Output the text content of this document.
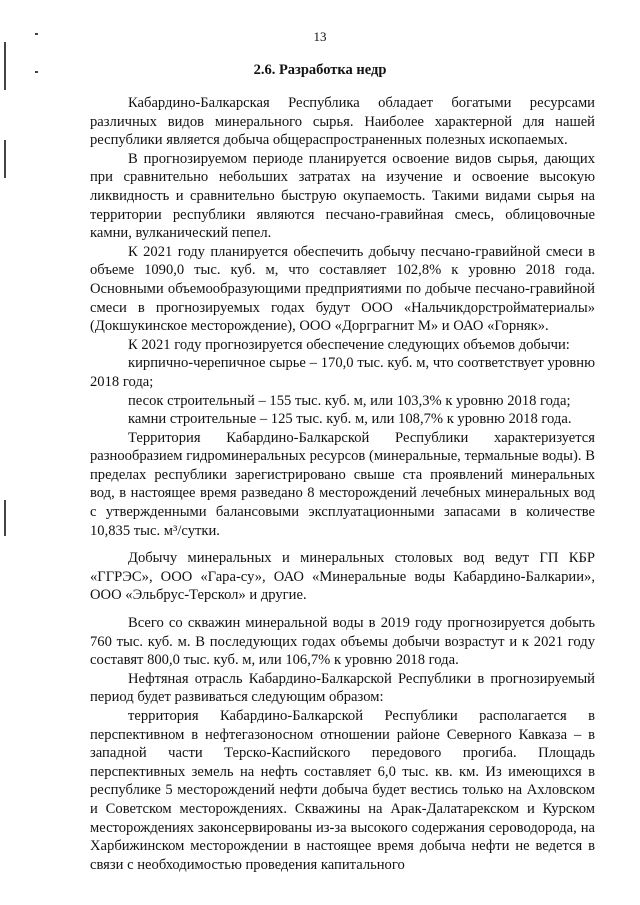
13
2.6. Разработка недр

Кабардино-Балкарская Республика обладает богатыми ресурсами различных видов минерального сырья. Наиболее характерной для нашей республики является добыча общераспространенных полезных ископаемых.

В прогнозируемом периоде планируется освоение видов сырья, дающих при сравнительно небольших затратах на изучение и освоение высокую ликвидность и сравнительно быструю окупаемость. Такими видами сырья на территории республики являются песчано-гравийная смесь, облицовочные камни, вулканический пепел.

К 2021 году планируется обеспечить добычу песчано-гравийной смеси в объеме 1090,0 тыс. куб. м, что составляет 102,8% к уровню 2018 года. Основными объемообразующими предприятиями по добыче песчано-гравийной смеси в прогнозируемых годах будут ООО «Нальчикдорстройматериалы» (Докшукинское месторождение), ООО «Дорграгнит М» и ОАО «Горняк».

К 2021 году прогнозируется обеспечение следующих объемов добычи:

кирпично-черепичное сырье – 170,0 тыс. куб. м, что соответствует уровню 2018 года;

песок строительный – 155 тыс. куб. м, или 103,3% к уровню 2018 года;

камни строительные – 125 тыс. куб. м, или 108,7% к уровню 2018 года.

Территория Кабардино-Балкарской Республики характеризуется разнообразием гидроминеральных ресурсов (минеральные, термальные воды). В пределах республики зарегистрировано свыше ста проявлений минеральных вод, в настоящее время разведано 8 месторождений лечебных минеральных вод с утвержденными балансовыми эксплуатационными запасами в количестве 10,835 тыс. м³/сутки.

Добычу минеральных и минеральных столовых вод ведут ГП КБР «ГГРЭС», ООО «Гара-су», ОАО «Минеральные воды Кабардино-Балкарии», ООО «Эльбрус-Терскол» и другие.

Всего со скважин минеральной воды в 2019 году прогнозируется добыть 760 тыс. куб. м. В последующих годах объемы добычи возрастут и к 2021 году составят 800,0 тыс. куб. м, или 106,7% к уровню 2018 года.

Нефтяная отрасль Кабардино-Балкарской Республики в прогнозируемый период будет развиваться следующим образом:

территория Кабардино-Балкарской Республики располагается в перспективном в нефтегазоносном отношении районе Северного Кавказа – в западной части Терско-Каспийского передового прогиба. Площадь перспективных земель на нефть составляет 6,0 тыс. кв. км. Из имеющихся в республике 5 месторождений нефти добыча будет вестись только на Ахловском и Советском месторождениях. Скважины на Арак-Далатарекском и Курском месторождениях законсервированы из-за высокого содержания сероводорода, на Харбижинском месторождении в настоящее время добыча нефти не ведется в связи с необходимостью проведения капитального
